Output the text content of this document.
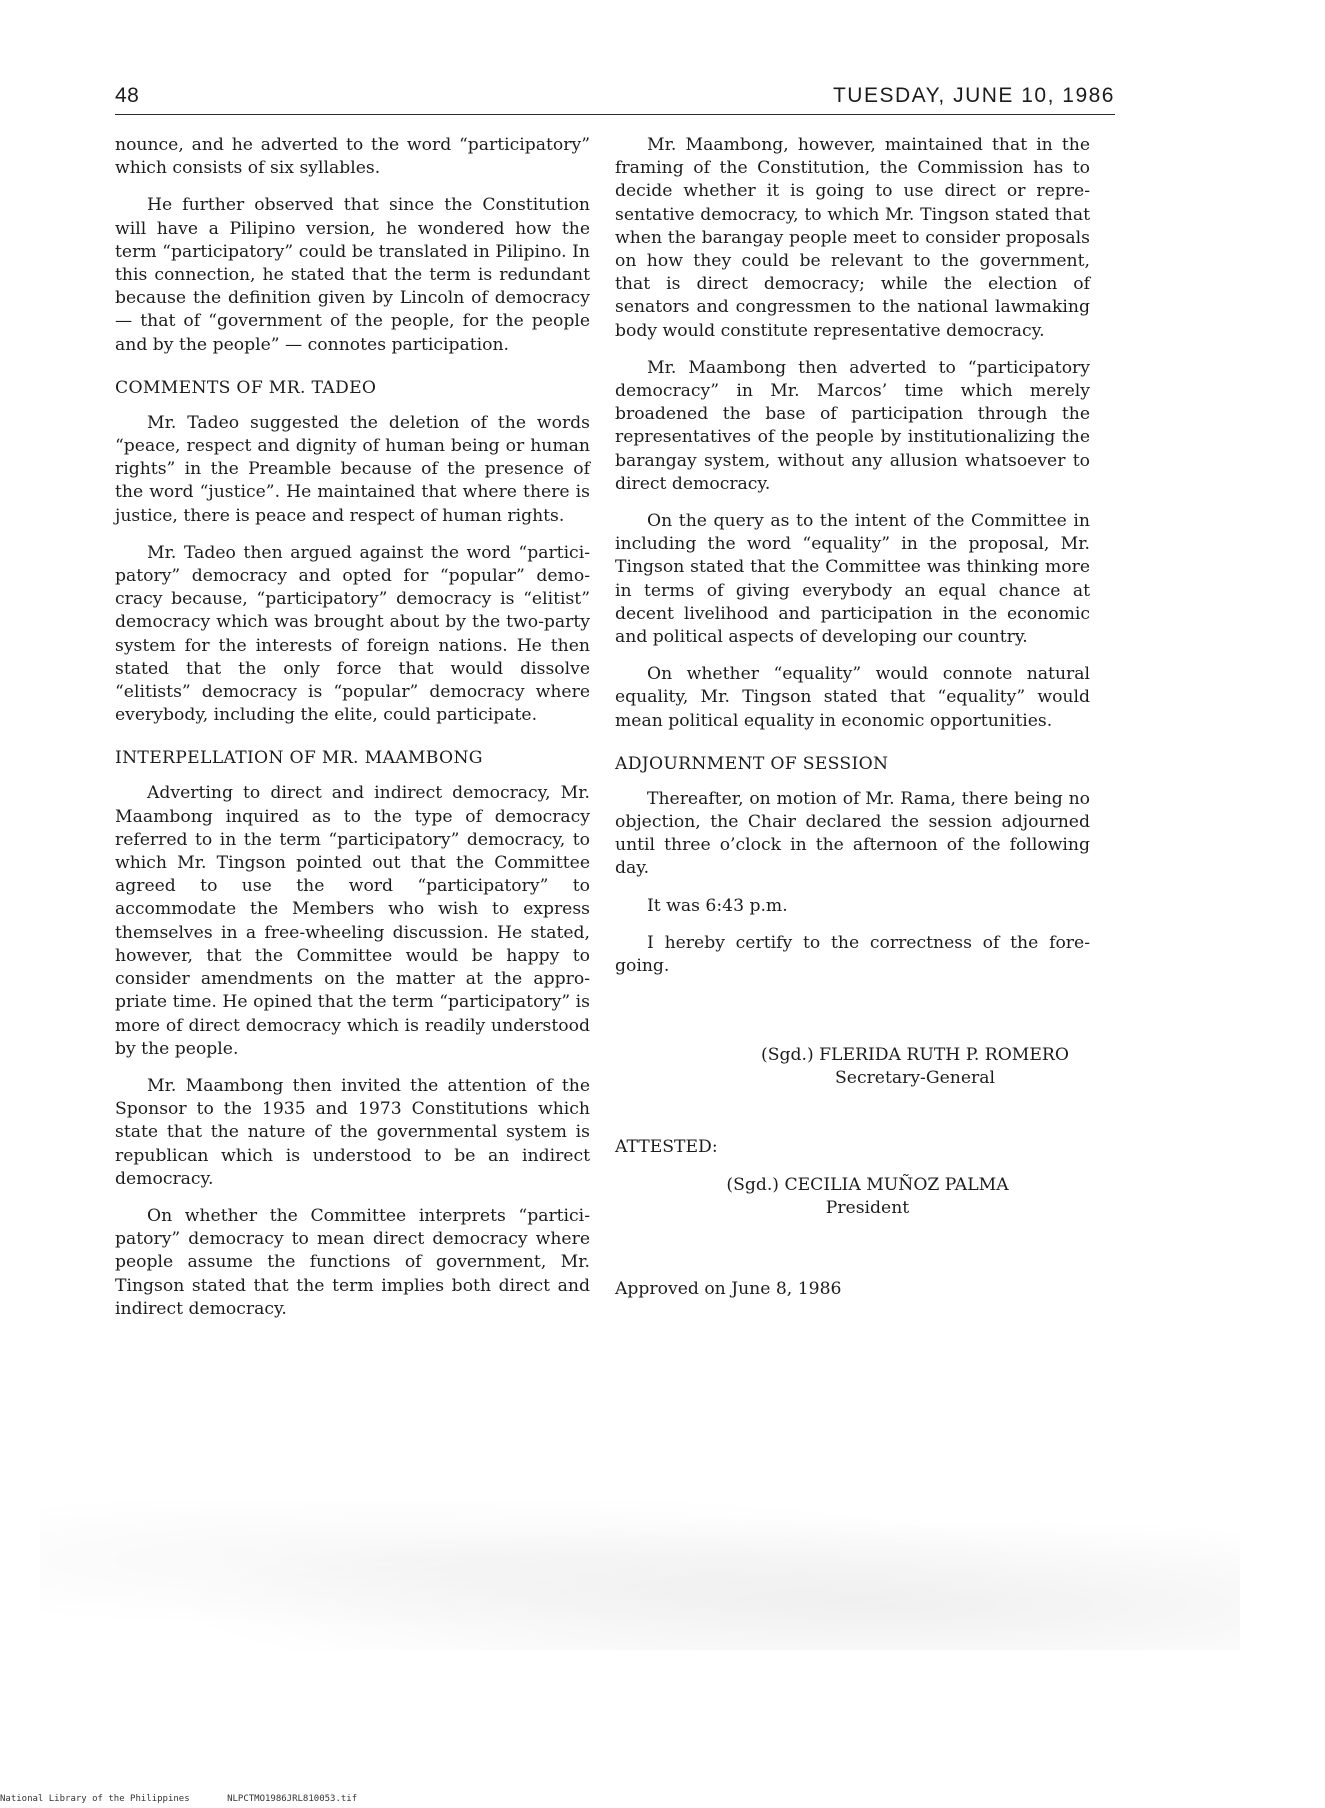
48	TUESDAY, JUNE 10, 1986

nounce, and he adverted to the word “participatory” which consists of six syllables.

He further observed that since the Constitution will have a Pilipino version, he wondered how the term “participatory” could be translated in Pilipino. In this connection, he stated that the term is redundant because the definition given by Lincoln of democracy — that of “government of the people, for the people and by the people” — connotes participation.

COMMENTS OF MR. TADEO

Mr. Tadeo suggested the deletion of the words “peace, respect and dignity of human being or human rights” in the Preamble because of the presence of the word “justice”. He maintained that where there is justice, there is peace and respect of human rights.

Mr. Tadeo then argued against the word “participatory” democracy and opted for “popular” democracy because, “participatory” democracy is “elitist” democracy which was brought about by the two-party system for the interests of foreign nations. He then stated that the only force that would dissolve “elitists” democracy is “popular” democracy where everybody, including the elite, could participate.

INTERPELLATION OF MR. MAAMBONG

Adverting to direct and indirect democracy, Mr. Maambong inquired as to the type of democracy referred to in the term “participatory” democracy, to which Mr. Tingson pointed out that the Committee agreed to use the word “participatory” to accommodate the Members who wish to express themselves in a free-wheeling discussion. He stated, however, that the Committee would be happy to consider amendments on the matter at the appropriate time. He opined that the term “participatory” is more of direct democracy which is readily understood by the people.

Mr. Maambong then invited the attention of the Sponsor to the 1935 and 1973 Constitutions which state that the nature of the governmental system is republican which is understood to be an indirect democracy.

On whether the Committee interprets “participatory” democracy to mean direct democracy where people assume the functions of government, Mr. Tingson stated that the term implies both direct and indirect democracy.

Mr. Maambong, however, maintained that in the framing of the Constitution, the Commission has to decide whether it is going to use direct or representative democracy, to which Mr. Tingson stated that when the barangay people meet to consider proposals on how they could be relevant to the government, that is direct democracy; while the election of senators and congressmen to the national lawmaking body would constitute representative democracy.

Mr. Maambong then adverted to “participatory democracy” in Mr. Marcos’ time which merely broadened the base of participation through the representatives of the people by institutionalizing the barangay system, without any allusion whatsoever to direct democracy.

On the query as to the intent of the Committee in including the word “equality” in the proposal, Mr. Tingson stated that the Committee was thinking more in terms of giving everybody an equal chance at decent livelihood and participation in the economic and political aspects of developing our country.

On whether “equality” would connote natural equality, Mr. Tingson stated that “equality” would mean political equality in economic opportunities.

ADJOURNMENT OF SESSION

Thereafter, on motion of Mr. Rama, there being no objection, the Chair declared the session adjourned until three o’clock in the afternoon of the following day.

It was 6:43 p.m.

I hereby certify to the correctness of the foregoing.

(Sgd.) FLERIDA RUTH P. ROMERO
Secretary-General

ATTESTED:

(Sgd.) CECILIA MUÑOZ PALMA
President

Approved on June 8, 1986

National Library of the Philippines	NLPCTMO1986JRL810053.tif
